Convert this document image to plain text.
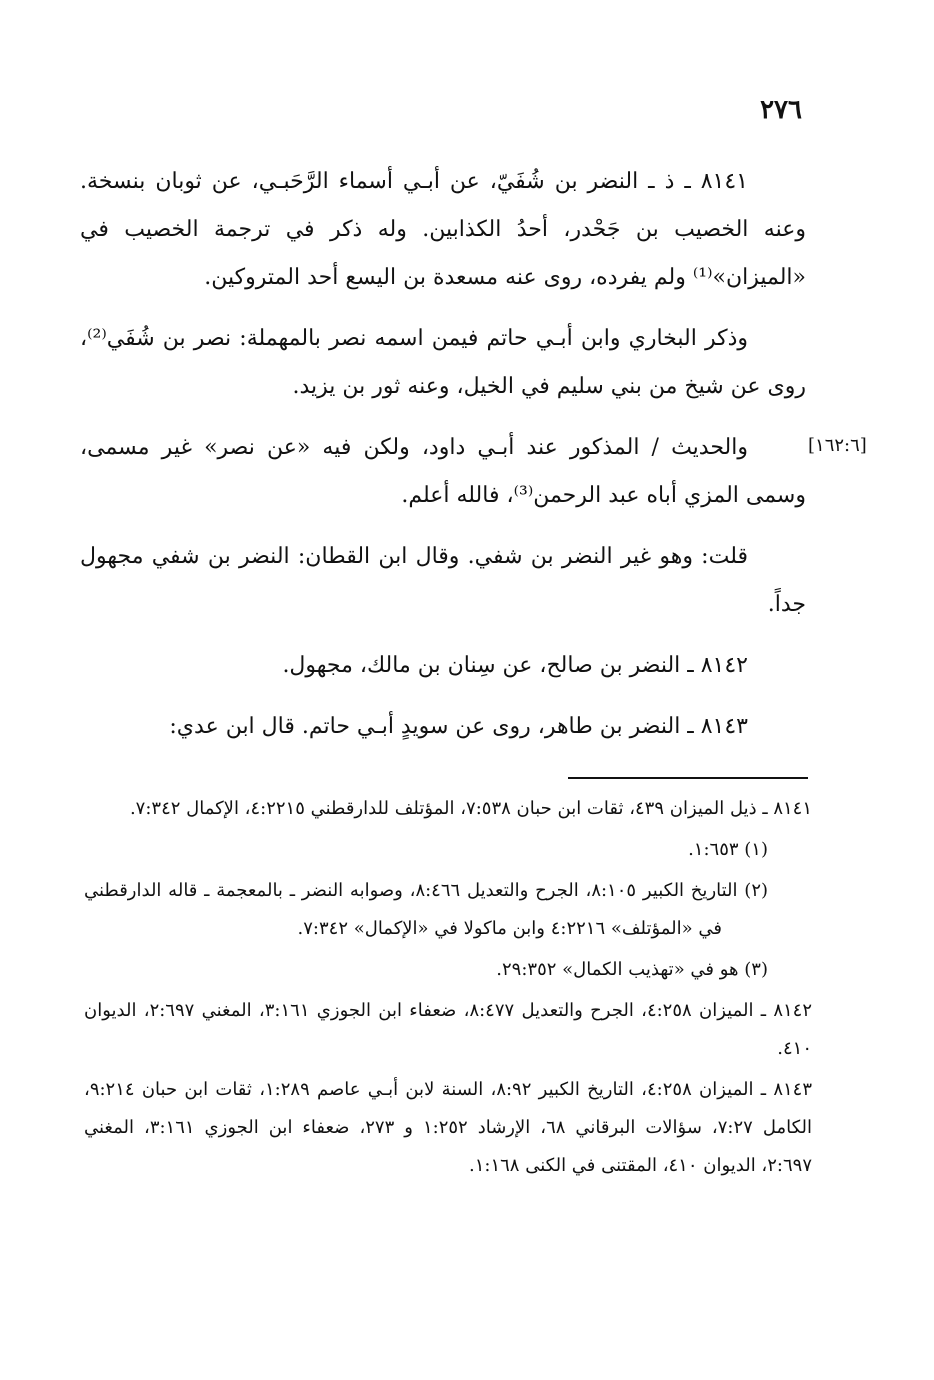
٢٧٦

٨١٤١ ـ ذ ـ النضر بن شُفَيّ، عن أبـي أسماء الرَّحَبـي، عن ثوبان بنسخة. وعنه الخصيب بن جَحْدر، أحدُ الكذابين. وله ذكر في ترجمة الخصيب في «الميزان»⁽¹⁾ ولم يفرده، روى عنه مسعدة بن اليسع أحد المتروكين.

وذكر البخاري وابن أبـي حاتم فيمن اسمه نصر بالمهملة: نصر بن شُفَي⁽²⁾، روى عن شيخ من بني سليم في الخيل، وعنه ثور بن يزيد.

والحديث / المذكور عند أبـي داود، ولكن فيه «عن نصر» غير مسمى، وسمى المزي أباه عبد الرحمن⁽³⁾، فالله أعلم.

قلت: وهو غير النضر بن شفي. وقال ابن القطان: النضر بن شفي مجهول جداً.

٨١٤٢ ـ النضر بن صالح، عن سِنان بن مالك، مجهول.

٨١٤٣ ـ النضر بن طاهر، روى عن سويدٍ أبـي حاتم. قال ابن عدي:

[١٦٢:٦]

٨١٤١ ـ ذيل الميزان ٤٣٩، ثقات ابن حبان ٧:٥٣٨، المؤتلف للدارقطني ٤:٢٢١٥، الإكمال ٧:٣٤٢.

(١) ١:٦٥٣.

(٢) التاريخ الكبير ٨:١٠٥، الجرح والتعديل ٨:٤٦٦، وصوابه النضر ـ بالمعجمة ـ قاله الدارقطني في «المؤتلف» ٤:٢٢١٦ وابن ماكولا في «الإكمال» ٧:٣٤٢.

(٣) هو في «تهذيب الكمال» ٢٩:٣٥٢.

٨١٤٢ ـ الميزان ٤:٢٥٨، الجرح والتعديل ٨:٤٧٧، ضعفاء ابن الجوزي ٣:١٦١، المغني ٢:٦٩٧، الديوان ٤١٠.

٨١٤٣ ـ الميزان ٤:٢٥٨، التاريخ الكبير ٨:٩٢، السنة لابن أبـي عاصم ١:٢٨٩، ثقات ابن حبان ٩:٢١٤، الكامل ٧:٢٧، سؤالات البرقاني ٦٨، الإرشاد ١:٢٥٢ و ٢٧٣، ضعفاء ابن الجوزي ٣:١٦١، المغني ٢:٦٩٧، الديوان ٤١٠، المقتنى في الكنى ١:١٦٨.
